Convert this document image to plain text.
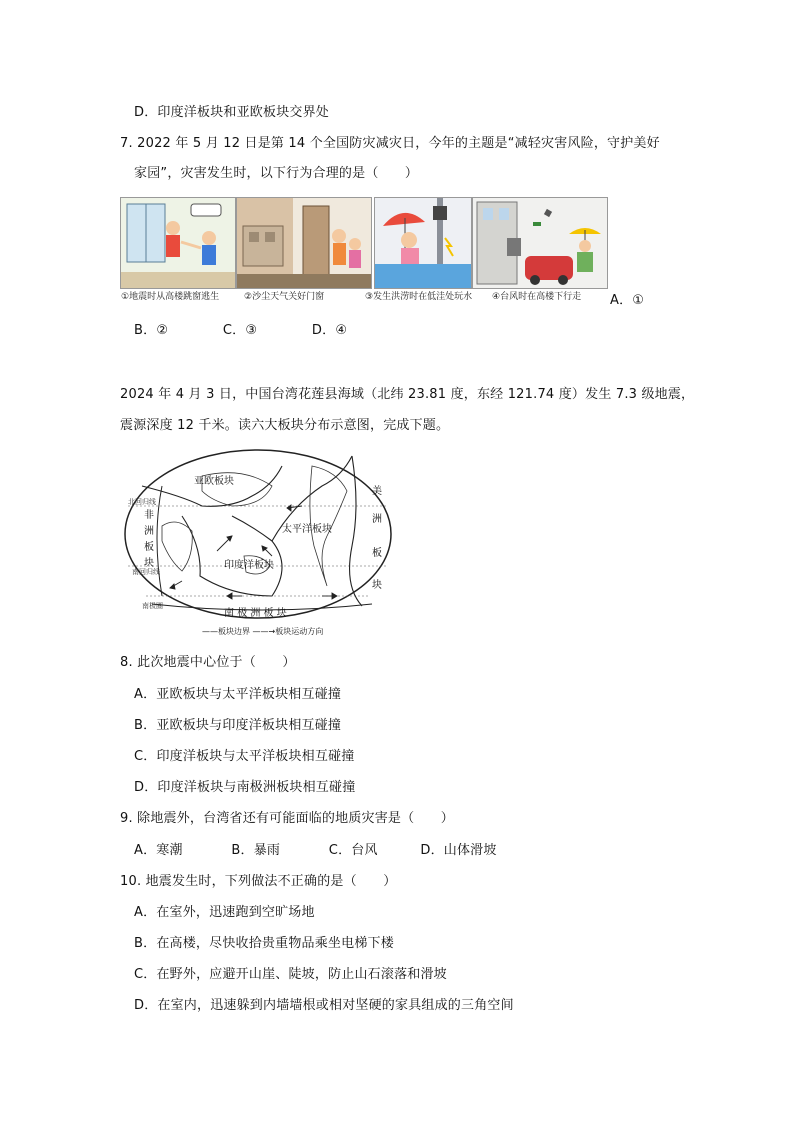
D．印度洋板块和亚欧板块交界处
7. 2022 年 5 月 12 日是第 14 个全国防灾减灾日，今年的主题是“减轻灾害风险，守护美好
家园”，灾害发生时，以下行为合理的是（　　）
①地震时从高楼跳窗逃生	②沙尘天气关好门窗	③发生洪涝时在低洼处玩水 ④台风时在高楼下行走 A．①
B．②	C．③	D．④
2024 年 4 月 3 日，中国台湾花莲县海域（北纬 23.81 度，东经 121.74 度）发生 7.3 级地震，
震源深度 12 千米。读六大板块分布示意图，完成下题。
亚欧板块
太平洋板块
印度洋板块
南 极 洲 板 块
美
洲
板
块
非
洲
板
块
北回归线
南回归线
南极圈
——板块边界 ——→板块运动方向
8. 此次地震中心位于（　　）
A．亚欧板块与太平洋板块相互碰撞
B．亚欧板块与印度洋板块相互碰撞
C．印度洋板块与太平洋板块相互碰撞
D．印度洋板块与南极洲板块相互碰撞
9. 除地震外，台湾省还有可能面临的地质灾害是（　　）
A．寒潮	B．暴雨	C．台风	D．山体滑坡
10. 地震发生时，下列做法不正确的是（　　）
A．在室外，迅速跑到空旷场地
B．在高楼，尽快收拾贵重物品乘坐电梯下楼
C．在野外，应避开山崖、陡坡，防止山石滚落和滑坡
D．在室内，迅速躲到内墙墙根或相对坚硬的家具组成的三角空间
